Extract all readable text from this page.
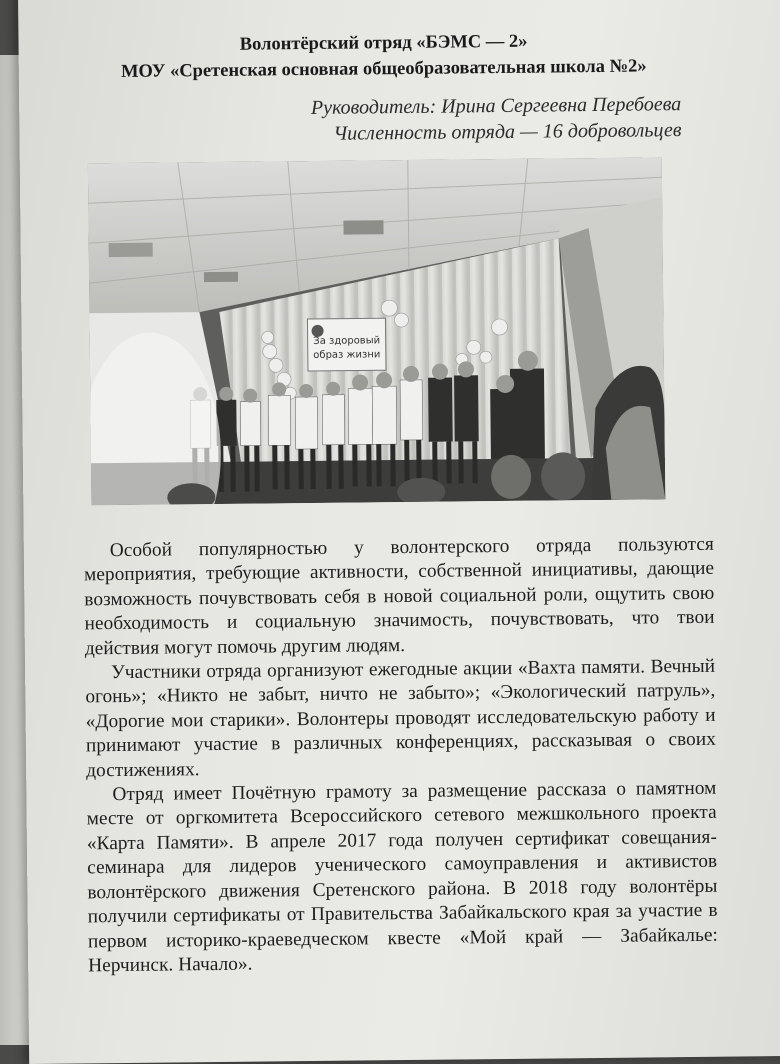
Волонтёрский отряд «БЭМС — 2»
МОУ «Сретенская основная общеобразовательная школа №2»
Руководитель: Ирина Сергеевна Перебоева
Численность отряда — 16 добровольцев
За здоровый
образ жизни

Особой популярностью у волонтерского отряда пользуются мероприятия, требующие активности, собственной инициативы, дающие возможность почувствовать себя в новой социальной роли, ощутить свою необходимость и социальную значимость, почувствовать, что твои действия могут помочь другим людям.

Участники отряда организуют ежегодные акции «Вахта памяти. Вечный огонь»; «Никто не забыт, ничто не забыто»; «Экологический патруль», «Дорогие мои старики». Волонтеры проводят исследовательскую работу и принимают участие в различных конференциях, рассказывая о своих достижениях.

Отряд имеет Почётную грамоту за размещение рассказа о памятном месте от оргкомитета Всероссийского сетевого межшкольного проекта «Карта Памяти». В апреле 2017 года получен сертификат совещания-семинара для лидеров ученического самоуправления и активистов волонтёрского движения Сретенского района. В 2018 году волонтёры получили сертификаты от Правительства Забайкальского края за участие в первом историко-краеведческом квесте «Мой край — Забайкалье: Нерчинск. Начало».
